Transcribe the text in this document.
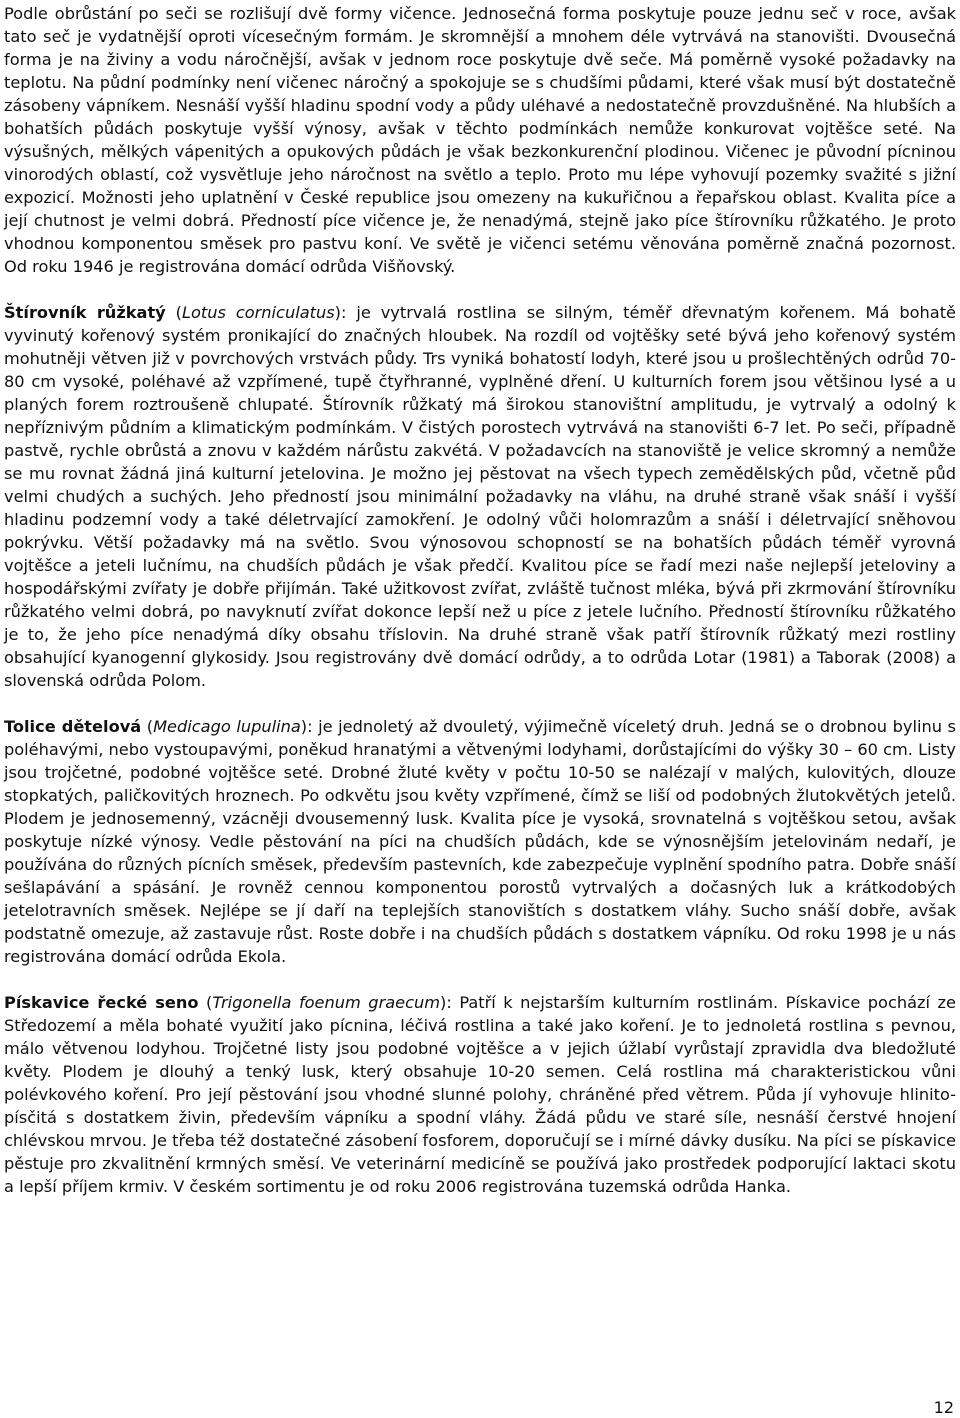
Podle obrůstání po seči se rozlišují dvě formy vičence. Jednosečná forma poskytuje pouze jednu seč v roce, avšak tato seč je vydatnější oproti vícesečným formám. Je skromnější a mnohem déle vytrvává na stanovišti. Dvousečná forma je na živiny a vodu náročnější, avšak v jednom roce poskytuje dvě seče. Má poměrně vysoké požadavky na teplotu. Na půdní podmínky není vičenec náročný a spokojuje se s chudšími půdami, které však musí být dostatečně zásobeny vápníkem. Nesnáší vyšší hladinu spodní vody a půdy uléhavé a nedostatečně provzdušněné. Na hlubších a bohatších půdách poskytuje vyšší výnosy, avšak v těchto podmínkách nemůže konkurovat vojtěšce seté. Na výsušných, mělkých vápenitých a opukových půdách je však bezkonkurenční plodinou. Vičenec je původní pícninou vinorodých oblastí, což vysvětluje jeho náročnost na světlo a teplo. Proto mu lépe vyhovují pozemky svažité s jižní expozicí. Možnosti jeho uplatnění v České republice jsou omezeny na kukuřičnou a řepařskou oblast. Kvalita píce a její chutnost je velmi dobrá. Předností píce vičence je, že nenadýmá, stejně jako píce štírovníku růžkatého. Je proto vhodnou komponentou směsek pro pastvu koní. Ve světě je vičenci setému věnována poměrně značná pozornost. Od roku 1946 je registrována domácí odrůda Višňovský.

Štírovník růžkatý (Lotus corniculatus): je vytrvalá rostlina se silným, téměř dřevnatým kořenem. Má bohatě vyvinutý kořenový systém pronikající do značných hloubek. Na rozdíl od vojtěšky seté bývá jeho kořenový systém mohutněji větven již v povrchových vrstvách půdy. Trs vyniká bohatostí lodyh, které jsou u prošlechtěných odrůd 70-80 cm vysoké, poléhavé až vzpřímené, tupě čtyřhranné, vyplněné dření. U kulturních forem jsou většinou lysé a u planých forem roztroušeně chlupaté. Štírovník růžkatý má širokou stanovištní amplitudu, je vytrvalý a odolný k nepříznivým půdním a klimatickým podmínkám. V čistých porostech vytrvává na stanovišti 6-7 let. Po seči, případně pastvě, rychle obrůstá a znovu v každém nárůstu zakvétá. V požadavcích na stanoviště je velice skromný a nemůže se mu rovnat žádná jiná kulturní jetelovina. Je možno jej pěstovat na všech typech zemědělských půd, včetně půd velmi chudých a suchých. Jeho předností jsou minimální požadavky na vláhu, na druhé straně však snáší i vyšší hladinu podzemní vody a také déletrvající zamokření. Je odolný vůči holomrazům a snáší i déletrvající sněhovou pokrývku. Větší požadavky má na světlo. Svou výnosovou schopností se na bohatších půdách téměř vyrovná vojtěšce a jeteli lučnímu, na chudších půdách je však předčí. Kvalitou píce se řadí mezi naše nejlepší jeteloviny a hospodářskými zvířaty je dobře přijímán. Také užitkovost zvířat, zvláště tučnost mléka, bývá při zkrmování štírovníku růžkatého velmi dobrá, po navyknutí zvířat dokonce lepší než u píce z jetele lučního. Předností štírovníku růžkatého je to, že jeho píce nenadýmá díky obsahu tříslovin. Na druhé straně však patří štírovník růžkatý mezi rostliny obsahující kyanogenní glykosidy. Jsou registrovány dvě domácí odrůdy, a to odrůda Lotar (1981) a Taborak (2008) a slovenská odrůda Polom.

Tolice dětelová (Medicago lupulina): je jednoletý až dvouletý, výjimečně víceletý druh. Jedná se o drobnou bylinu s poléhavými, nebo vystoupavými, poněkud hranatými a větvenými lodyhami, dorůstajícími do výšky 30 – 60 cm. Listy jsou trojčetné, podobné vojtěšce seté. Drobné žluté květy v počtu 10-50 se nalézají v malých, kulovitých, dlouze stopkatých, paličkovitých hroznech. Po odkvětu jsou květy vzpřímené, čímž se liší od podobných žlutokvětých jetelů. Plodem je jednosemenný, vzácněji dvousemenný lusk. Kvalita píce je vysoká, srovnatelná s vojtěškou setou, avšak poskytuje nízké výnosy. Vedle pěstování na píci na chudších půdách, kde se výnosnějším jetelovinám nedaří, je používána do různých pícních směsek, především pastevních, kde zabezpečuje vyplnění spodního patra. Dobře snáší sešlapávání a spásání. Je rovněž cennou komponentou porostů vytrvalých a dočasných luk a krátkodobých jetelotravních směsek. Nejlépe se jí daří na teplejších stanovištích s dostatkem vláhy. Sucho snáší dobře, avšak podstatně omezuje, až zastavuje růst. Roste dobře i na chudších půdách s dostatkem vápníku. Od roku 1998 je u nás registrována domácí odrůda Ekola.

Pískavice řecké seno (Trigonella foenum graecum): Patří k nejstarším kulturním rostlinám. Pískavice pochází ze Středozemí a měla bohaté využití jako pícnina, léčivá rostlina a také jako koření. Je to jednoletá rostlina s pevnou, málo větvenou lodyhou. Trojčetné listy jsou podobné vojtěšce a v jejich úžlabí vyrůstají zpravidla dva bledožluté květy. Plodem je dlouhý a tenký lusk, který obsahuje 10-20 semen. Celá rostlina má charakteristickou vůni polévkového koření. Pro její pěstování jsou vhodné slunné polohy, chráněné před větrem. Půda jí vyhovuje hlinito-písčitá s dostatkem živin, především vápníku a spodní vláhy. Žádá půdu ve staré síle, nesnáší čerstvé hnojení chlévskou mrvou. Je třeba též dostatečné zásobení fosforem, doporučují se i mírné dávky dusíku. Na píci se pískavice pěstuje pro zkvalitnění krmných směsí. Ve veterinární medicíně se používá jako prostředek podporující laktaci skotu a lepší příjem krmiv. V českém sortimentu je od roku 2006 registrována tuzemská odrůda Hanka.

12
